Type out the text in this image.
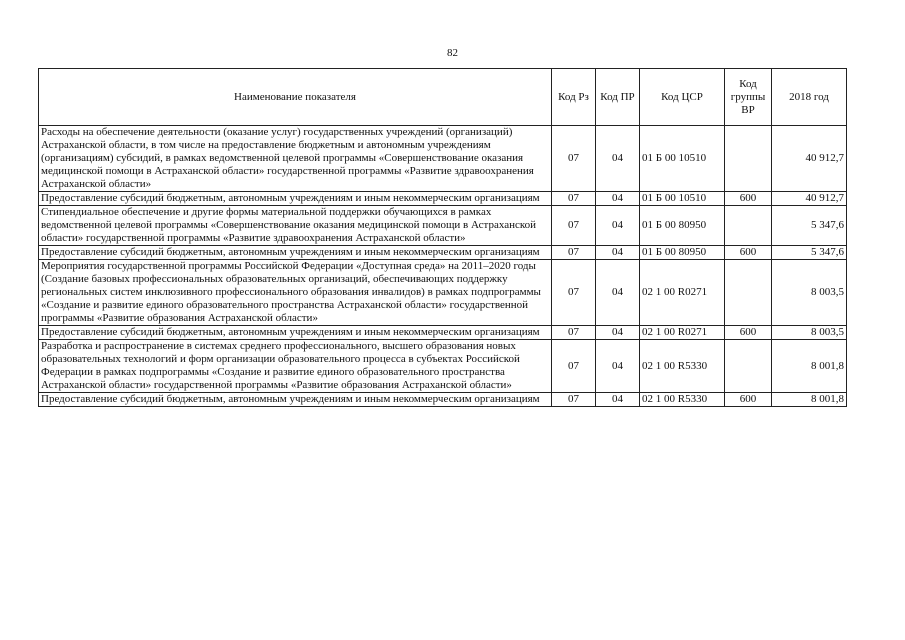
82
Наименование показателя	Код Рз	Код ПР	Код ЦСР	Код группы ВР	2018 год
Расходы на обеспечение деятельности (оказание услуг) государственных учреждений (организаций) Астраханской области, в том числе на предоставление бюджетным и автономным учреждениям (организациям) субсидий, в рамках ведомственной целевой программы «Совершенствование оказания медицинской помощи в Астраханской области» государственной программы «Развитие здравоохранения Астраханской области»	07	04	01 Б 00 10510		40 912,7
Предоставление субсидий бюджетным, автономным учреждениям и иным некоммерческим организациям	07	04	01 Б 00 10510	600	40 912,7
Стипендиальное обеспечение и другие формы материальной поддержки обучающихся в рамках ведомственной целевой программы «Совершенствование оказания медицинской помощи в Астраханской области» государственной программы «Развитие здравоохранения Астраханской области»	07	04	01 Б 00 80950		5 347,6
Предоставление субсидий бюджетным, автономным учреждениям и иным некоммерческим организациям	07	04	01 Б 00 80950	600	5 347,6
Мероприятия государственной программы Российской Федерации «Доступная среда» на 2011–2020 годы (Создание базовых профессиональных образовательных организаций, обеспечивающих поддержку региональных систем инклюзивного профессионального образования инвалидов) в рамках подпрограммы «Создание и развитие единого образовательного пространства Астраханской области» государственной программы «Развитие образования Астраханской области»	07	04	02 1 00 R0271		8 003,5
Предоставление субсидий бюджетным, автономным учреждениям и иным некоммерческим организациям	07	04	02 1 00 R0271	600	8 003,5
Разработка и распространение в системах среднего профессионального, высшего образования новых образовательных технологий и форм организации образовательного процесса в субъектах Российской Федерации в рамках подпрограммы «Создание и развитие единого образовательного пространства Астраханской области» государственной программы «Развитие образования Астраханской области»	07	04	02 1 00 R5330		8 001,8
Предоставление субсидий бюджетным, автономным учреждениям и иным некоммерческим организациям	07	04	02 1 00 R5330	600	8 001,8
